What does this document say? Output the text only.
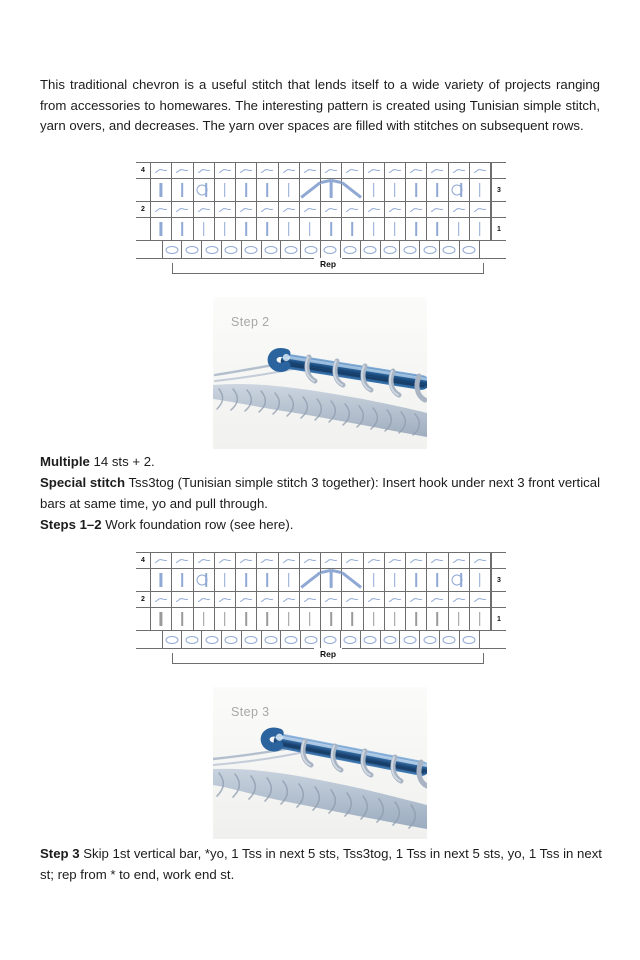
This traditional chevron is a useful stitch that lends itself to a wide variety of projects ranging from accessories to homewares. The interesting pattern is created using Tunisian simple stitch, yarn overs, and decreases. The yarn over spaces are filled with stitches on subsequent rows.

4
3
2
1
Rep
Step 2
Multiple 14 sts + 2.
Special stitch Tss3tog (Tunisian simple stitch 3 together): Insert hook under next 3 front vertical bars at same time, yo and pull through.
Steps 1–2 Work foundation row (see here).
4
3
2
1
Rep
Step 3
Step 3 Skip 1st vertical bar, *yo, 1 Tss in next 5 sts, Tss3tog, 1 Tss in next 5 sts, yo, 1 Tss in next st; rep from * to end, work end st.
